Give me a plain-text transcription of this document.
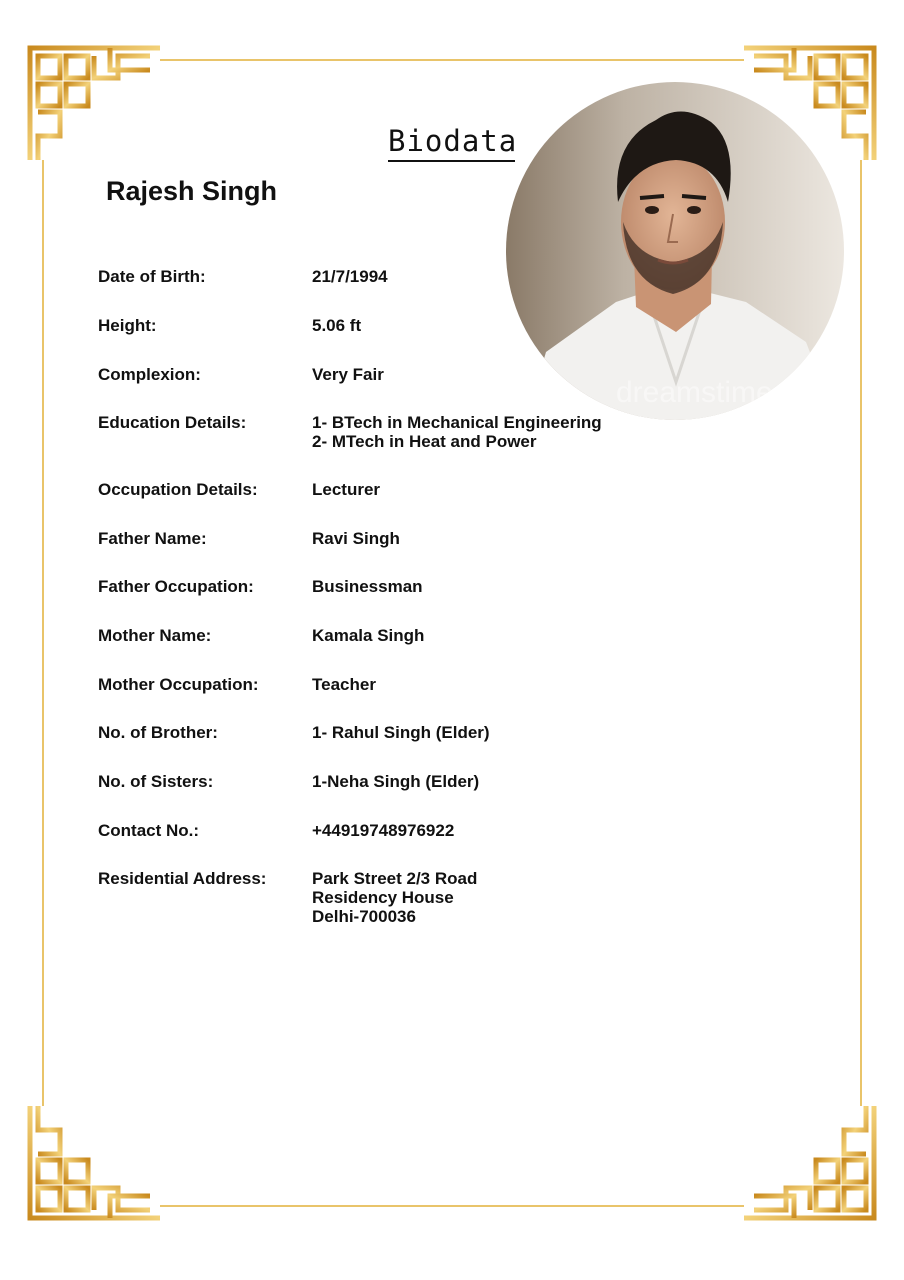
Biodata
Rajesh Singh
dreamstime
Date of Birth:	21/7/1994
Height:	5.06 ft
Complexion:	Very Fair
Education Details:	1- BTech in Mechanical Engineering
2- MTech in Heat and Power
Occupation Details:	Lecturer
Father Name:	Ravi Singh
Father Occupation:	Businessman
Mother Name:	Kamala Singh
Mother Occupation:	Teacher
No. of Brother:	1- Rahul Singh (Elder)
No. of Sisters:	1-Neha Singh (Elder)
Contact No.:	+44919748976922
Residential Address:	Park Street 2/3 Road
Residency House
Delhi-700036
